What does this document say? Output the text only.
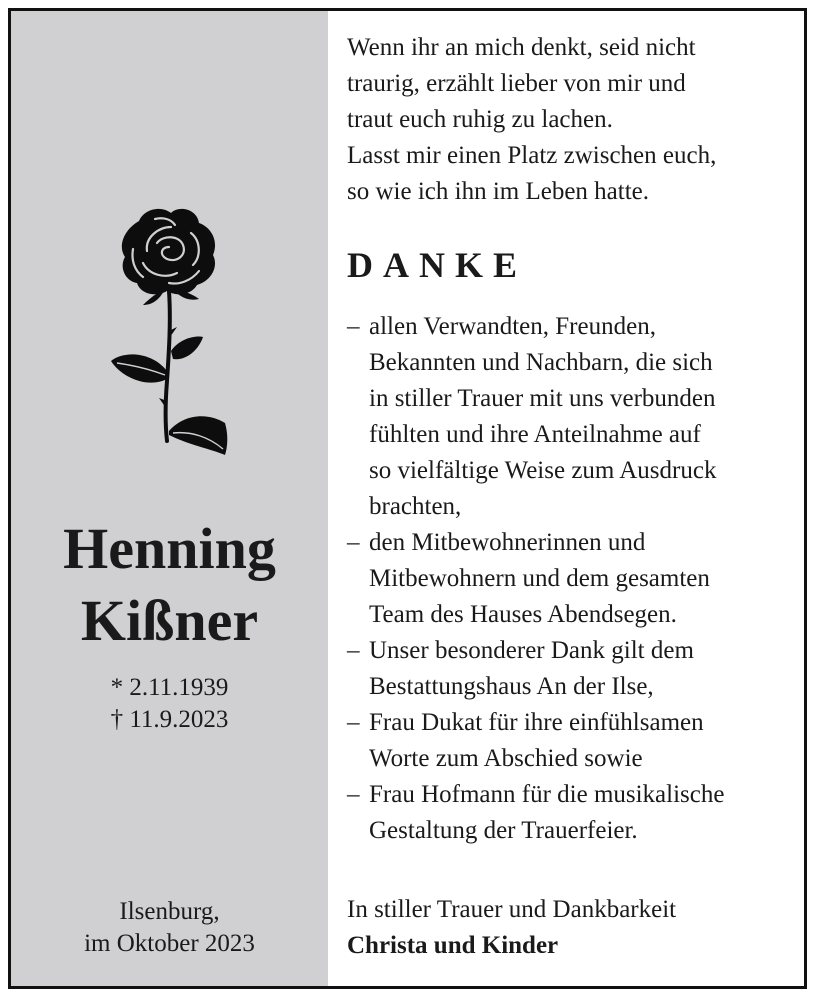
Henning
Kißner
* 2.11.1939
† 11.9.2023
Ilsenburg,
im Oktober 2023
Wenn ihr an mich denkt, seid nicht
traurig, erzählt lieber von mir und
traut euch ruhig zu lachen.
Lasst mir einen Platz zwischen euch,
so wie ich ihn im Leben hatte.
DANKE
– allen Verwandten, Freunden,
Bekannten und Nachbarn, die sich
in stiller Trauer mit uns verbunden
fühlten und ihre Anteilnahme auf
so vielfältige Weise zum Ausdruck
brachten,
– den Mitbewohnerinnen und
Mitbewohnern und dem gesamten
Team des Hauses Abendsegen.
– Unser besonderer Dank gilt dem
Bestattungshaus An der Ilse,
– Frau Dukat für ihre einfühlsamen
Worte zum Abschied sowie
– Frau Hofmann für die musikalische
Gestaltung der Trauerfeier.
In stiller Trauer und Dankbarkeit
Christa und Kinder
